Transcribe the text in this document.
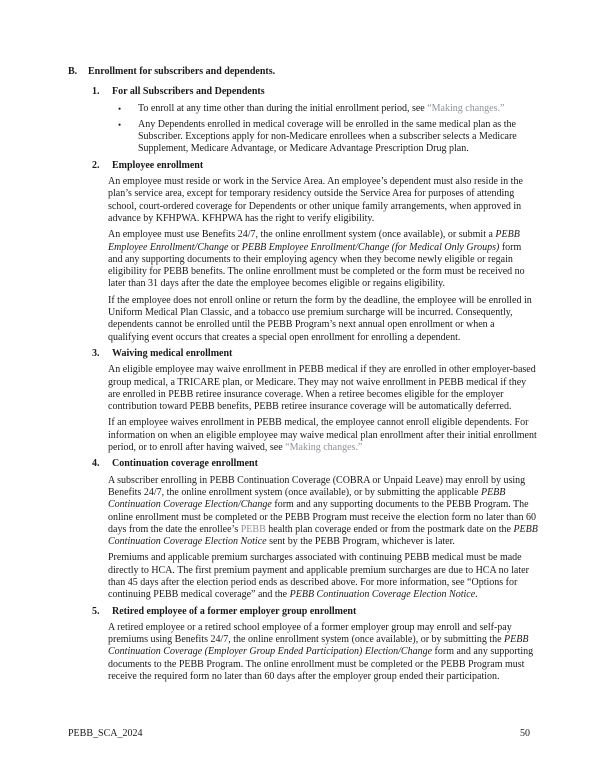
B.	Enrollment for subscribers and dependents.
1.	For all Subscribers and Dependents
•	To enroll at any time other than during the initial enrollment period, see “Making changes.”
•	Any Dependents enrolled in medical coverage will be enrolled in the same medical plan as the Subscriber. Exceptions apply for non-Medicare enrollees when a subscriber selects a Medicare Supplement, Medicare Advantage, or Medicare Advantage Prescription Drug plan.
2.	Employee enrollment
An employee must reside or work in the Service Area. An employee’s dependent must also reside in the plan’s service area, except for temporary residency outside the Service Area for purposes of attending school, court-ordered coverage for Dependents or other unique family arrangements, when approved in advance by KFHPWA. KFHPWA has the right to verify eligibility.
An employee must use Benefits 24/7, the online enrollment system (once available), or submit a PEBB Employee Enrollment/Change or PEBB Employee Enrollment/Change (for Medical Only Groups) form and any supporting documents to their employing agency when they become newly eligible or regain eligibility for PEBB benefits. The online enrollment must be completed or the form must be received no later than 31 days after the date the employee becomes eligible or regains eligibility.
If the employee does not enroll online or return the form by the deadline, the employee will be enrolled in Uniform Medical Plan Classic, and a tobacco use premium surcharge will be incurred. Consequently, dependents cannot be enrolled until the PEBB Program’s next annual open enrollment or when a qualifying event occurs that creates a special open enrollment for enrolling a dependent.
3.	Waiving medical enrollment
An eligible employee may waive enrollment in PEBB medical if they are enrolled in other employer-based group medical, a TRICARE plan, or Medicare. They may not waive enrollment in PEBB medical if they are enrolled in PEBB retiree insurance coverage. When a retiree becomes eligible for the employer contribution toward PEBB benefits, PEBB retiree insurance coverage will be automatically deferred.
If an employee waives enrollment in PEBB medical, the employee cannot enroll eligible dependents. For information on when an eligible employee may waive medical plan enrollment after their initial enrollment period, or to enroll after having waived, see “Making changes.”
4.	Continuation coverage enrollment
A subscriber enrolling in PEBB Continuation Coverage (COBRA or Unpaid Leave) may enroll by using Benefits 24/7, the online enrollment system (once available), or by submitting the applicable PEBB Continuation Coverage Election/Change form and any supporting documents to the PEBB Program. The online enrollment must be completed or the PEBB Program must receive the election form no later than 60 days from the date the enrollee’s PEBB health plan coverage ended or from the postmark date on the PEBB Continuation Coverage Election Notice sent by the PEBB Program, whichever is later.
Premiums and applicable premium surcharges associated with continuing PEBB medical must be made directly to HCA. The first premium payment and applicable premium surcharges are due to HCA no later than 45 days after the election period ends as described above. For more information, see “Options for continuing PEBB medical coverage” and the PEBB Continuation Coverage Election Notice.
5.	Retired employee of a former employer group enrollment
A retired employee or a retired school employee of a former employer group may enroll and self-pay premiums using Benefits 24/7, the online enrollment system (once available), or by submitting the PEBB Continuation Coverage (Employer Group Ended Participation) Election/Change form and any supporting documents to the PEBB Program. The online enrollment must be completed or the PEBB Program must receive the required form no later than 60 days after the employer group ended their participation.
PEBB_SCA_2024	50
